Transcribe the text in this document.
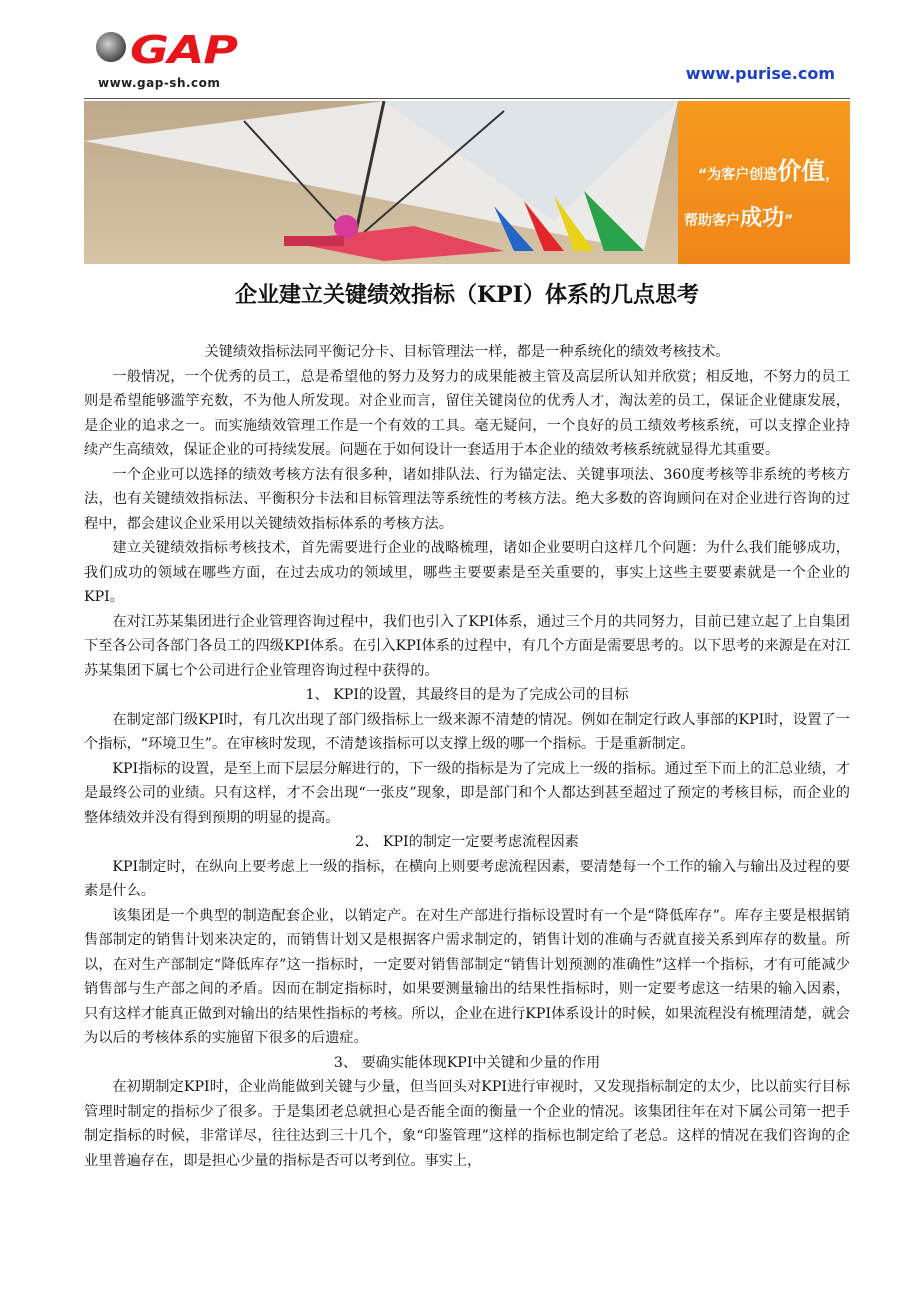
GAP
www.gap-sh.com	www.purise.com
“为客户创造价值，
帮助客户成功”
企业建立关键绩效指标（KPI）体系的几点思考

关键绩效指标法同平衡记分卡、目标管理法一样，都是一种系统化的绩效考核技术。

一般情况，一个优秀的员工，总是希望他的努力及努力的成果能被主管及高层所认知并欣赏；相反地，不努力的员工则是希望能够滥竽充数，不为他人所发现。对企业而言，留住关键岗位的优秀人才，淘汰差的员工，保证企业健康发展，是企业的追求之一。而实施绩效管理工作是一个有效的工具。毫无疑问，一个良好的员工绩效考核系统，可以支撑企业持续产生高绩效，保证企业的可持续发展。问题在于如何设计一套适用于本企业的绩效考核系统就显得尤其重要。

一个企业可以选择的绩效考核方法有很多种，诸如排队法、行为锚定法、关键事项法、360度考核等非系统的考核方法，也有关键绩效指标法、平衡积分卡法和目标管理法等系统性的考核方法。绝大多数的咨询顾问在对企业进行咨询的过程中，都会建议企业采用以关键绩效指标体系的考核方法。

建立关键绩效指标考核技术，首先需要进行企业的战略梳理，诸如企业要明白这样几个问题：为什么我们能够成功，我们成功的领域在哪些方面，在过去成功的领域里，哪些主要要素是至关重要的，事实上这些主要要素就是一个企业的KPI。

在对江苏某集团进行企业管理咨询过程中，我们也引入了KPI体系，通过三个月的共同努力，目前已建立起了上自集团下至各公司各部门各员工的四级KPI体系。在引入KPI体系的过程中，有几个方面是需要思考的。以下思考的来源是在对江苏某集团下属七个公司进行企业管理咨询过程中获得的。

1、 KPI的设置，其最终目的是为了完成公司的目标

在制定部门级KPI时，有几次出现了部门级指标上一级来源不清楚的情况。例如在制定行政人事部的KPI时，设置了一个指标，“环境卫生”。在审核时发现，不清楚该指标可以支撑上级的哪一个指标。于是重新制定。

KPI指标的设置，是至上而下层层分解进行的，下一级的指标是为了完成上一级的指标。通过至下而上的汇总业绩，才是最终公司的业绩。只有这样，才不会出现“一张皮”现象，即是部门和个人都达到甚至超过了预定的考核目标，而企业的整体绩效并没有得到预期的明显的提高。

2、 KPI的制定一定要考虑流程因素

KPI制定时，在纵向上要考虑上一级的指标，在横向上则要考虑流程因素，要清楚每一个工作的输入与输出及过程的要素是什么。

该集团是一个典型的制造配套企业，以销定产。在对生产部进行指标设置时有一个是“降低库存”。库存主要是根据销售部制定的销售计划来决定的，而销售计划又是根据客户需求制定的，销售计划的准确与否就直接关系到库存的数量。所以，在对生产部制定“降低库存”这一指标时，一定要对销售部制定“销售计划预测的准确性”这样一个指标，才有可能减少销售部与生产部之间的矛盾。因而在制定指标时，如果要测量输出的结果性指标时，则一定要考虑这一结果的输入因素，只有这样才能真正做到对输出的结果性指标的考核。所以，企业在进行KPI体系设计的时候，如果流程没有梳理清楚，就会为以后的考核体系的实施留下很多的后遗症。

3、 要确实能体现KPI中关键和少量的作用

在初期制定KPI时，企业尚能做到关键与少量，但当回头对KPI进行审视时，又发现指标制定的太少，比以前实行目标管理时制定的指标少了很多。于是集团老总就担心是否能全面的衡量一个企业的情况。该集团往年在对下属公司第一把手制定指标的时候，非常详尽，往往达到三十几个，象“印鉴管理”这样的指标也制定给了老总。这样的情况在我们咨询的企业里普遍存在，即是担心少量的指标是否可以考到位。事实上，
